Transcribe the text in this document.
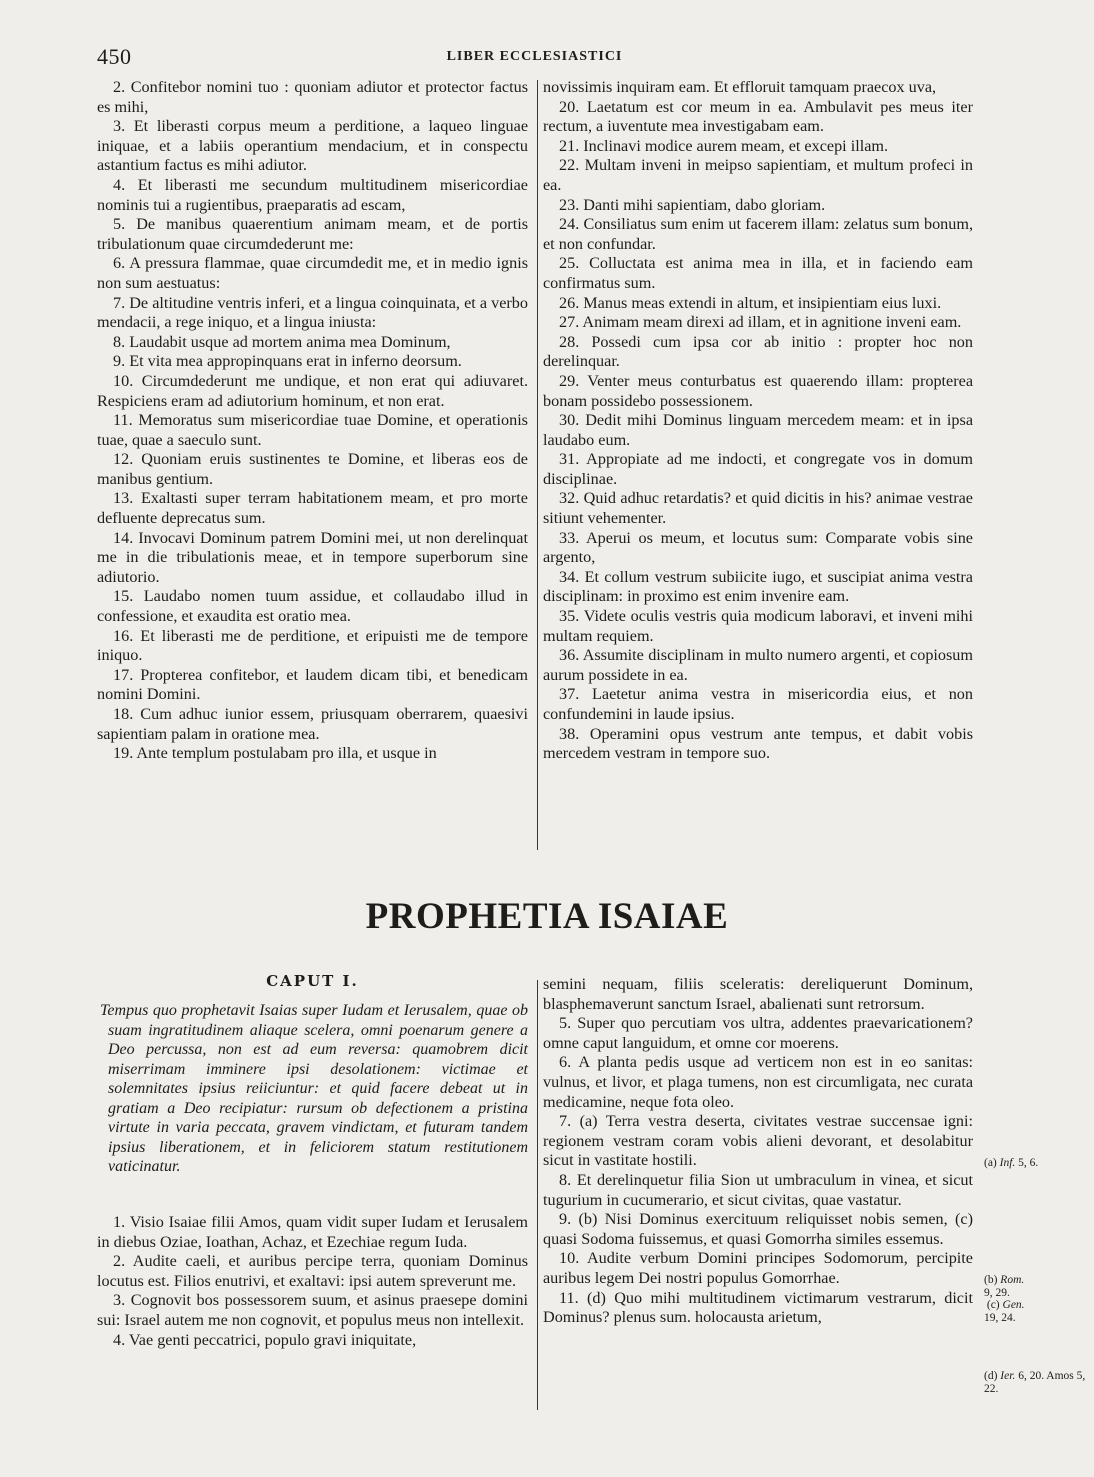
450	LIBER ECCLESIASTICI

2. Confitebor nomini tuo : quoniam adiutor et protector factus es mihi,

3. Et liberasti corpus meum a perditione, a laqueo linguae iniquae, et a labiis operantium mendacium, et in conspectu astantium factus es mihi adiutor.

4. Et liberasti me secundum multitudinem misericordiae nominis tui a rugientibus, praeparatis ad escam,

5. De manibus quaerentium animam meam, et de portis tribulationum quae circumdederunt me:

6. A pressura flammae, quae circumdedit me, et in medio ignis non sum aestuatus:

7. De altitudine ventris inferi, et a lingua coinquinata, et a verbo mendacii, a rege iniquo, et a lingua iniusta:

8. Laudabit usque ad mortem anima mea Dominum,

9. Et vita mea appropinquans erat in inferno deorsum.

10. Circumdederunt me undique, et non erat qui adiuvaret. Respiciens eram ad adiutorium hominum, et non erat.

11. Memoratus sum misericordiae tuae Domine, et operationis tuae, quae a saeculo sunt.

12. Quoniam eruis sustinentes te Domine, et liberas eos de manibus gentium.

13. Exaltasti super terram habitationem meam, et pro morte defluente deprecatus sum.

14. Invocavi Dominum patrem Domini mei, ut non derelinquat me in die tribulationis meae, et in tempore superborum sine adiutorio.

15. Laudabo nomen tuum assidue, et collaudabo illud in confessione, et exaudita est oratio mea.

16. Et liberasti me de perditione, et eripuisti me de tempore iniquo.

17. Propterea confitebor, et laudem dicam tibi, et benedicam nomini Domini.

18. Cum adhuc iunior essem, priusquam oberrarem, quaesivi sapientiam palam in oratione mea.

19. Ante templum postulabam pro illa, et usque in

novissimis inquiram eam. Et effloruit tamquam praecox uva,

20. Laetatum est cor meum in ea. Ambulavit pes meus iter rectum, a iuventute mea investigabam eam.

21. Inclinavi modice aurem meam, et excepi illam.

22. Multam inveni in meipso sapientiam, et multum profeci in ea.

23. Danti mihi sapientiam, dabo gloriam.

24. Consiliatus sum enim ut facerem illam: zelatus sum bonum, et non confundar.

25. Colluctata est anima mea in illa, et in faciendo eam confirmatus sum.

26. Manus meas extendi in altum, et insipientiam eius luxi.

27. Animam meam direxi ad illam, et in agnitione inveni eam.

28. Possedi cum ipsa cor ab initio : propter hoc non derelinquar.

29. Venter meus conturbatus est quaerendo illam: propterea bonam possidebo possessionem.

30. Dedit mihi Dominus linguam mercedem meam: et in ipsa laudabo eum.

31. Appropiate ad me indocti, et congregate vos in domum disciplinae.

32. Quid adhuc retardatis? et quid dicitis in his? animae vestrae sitiunt vehementer.

33. Aperui os meum, et locutus sum: Comparate vobis sine argento,

34. Et collum vestrum subiicite iugo, et suscipiat anima vestra disciplinam: in proximo est enim invenire eam.

35. Videte oculis vestris quia modicum laboravi, et inveni mihi multam requiem.

36. Assumite disciplinam in multo numero argenti, et copiosum aurum possidete in ea.

37. Laetetur anima vestra in misericordia eius, et non confundemini in laude ipsius.

38. Operamini opus vestrum ante tempus, et dabit vobis mercedem vestram in tempore suo.

PROPHETIA ISAIAE
CAPUT I.

Tempus quo prophetavit Isaias super Iudam et Ierusalem, quae ob suam ingratitudinem aliaque scelera, omni poenarum genere a Deo percussa, non est ad eum reversa: quamobrem dicit miserrimam imminere ipsi desolationem: victimae et solemnitates ipsius reiiciuntur: et quid facere debeat ut in gratiam a Deo recipiatur: rursum ob defectionem a pristina virtute in varia peccata, gravem vindictam, et futuram tandem ipsius liberationem, et in feliciorem statum restitutionem vaticinatur.

1. Visio Isaiae filii Amos, quam vidit super Iudam et Ierusalem in diebus Oziae, Ioathan, Achaz, et Ezechiae regum Iuda.

2. Audite caeli, et auribus percipe terra, quoniam Dominus locutus est. Filios enutrivi, et exaltavi: ipsi autem spreverunt me.

3. Cognovit bos possessorem suum, et asinus praesepe domini sui: Israel autem me non cognovit, et populus meus non intellexit.

4. Vae genti peccatrici, populo gravi iniquitate,

semini nequam, filiis sceleratis: dereliquerunt Dominum, blasphemaverunt sanctum Israel, abalienati sunt retrorsum.

5. Super quo percutiam vos ultra, addentes praevaricationem? omne caput languidum, et omne cor moerens.

6. A planta pedis usque ad verticem non est in eo sanitas: vulnus, et livor, et plaga tumens, non est circumligata, nec curata medicamine, neque fota oleo.

7. (a) Terra vestra deserta, civitates vestrae succensae igni: regionem vestram coram vobis alieni devorant, et desolabitur sicut in vastitate hostili.

8. Et derelinquetur filia Sion ut umbraculum in vinea, et sicut tugurium in cucumerario, et sicut civitas, quae vastatur.

9. (b) Nisi Dominus exercituum reliquisset nobis semen, (c) quasi Sodoma fuissemus, et quasi Gomorrha similes essemus.

10. Audite verbum Domini principes Sodomorum, percipite auribus legem Dei nostri populus Gomorrhae.

11. (d) Quo mihi multitudinem victimarum vestrarum, dicit Dominus? plenus sum. holocausta arietum,

(a) Inf. 5, 6.
(b) Rom.
9, 29.
(c) Gen.
19, 24.
(d) Ier. 6, 20. Amos 5, 22.
